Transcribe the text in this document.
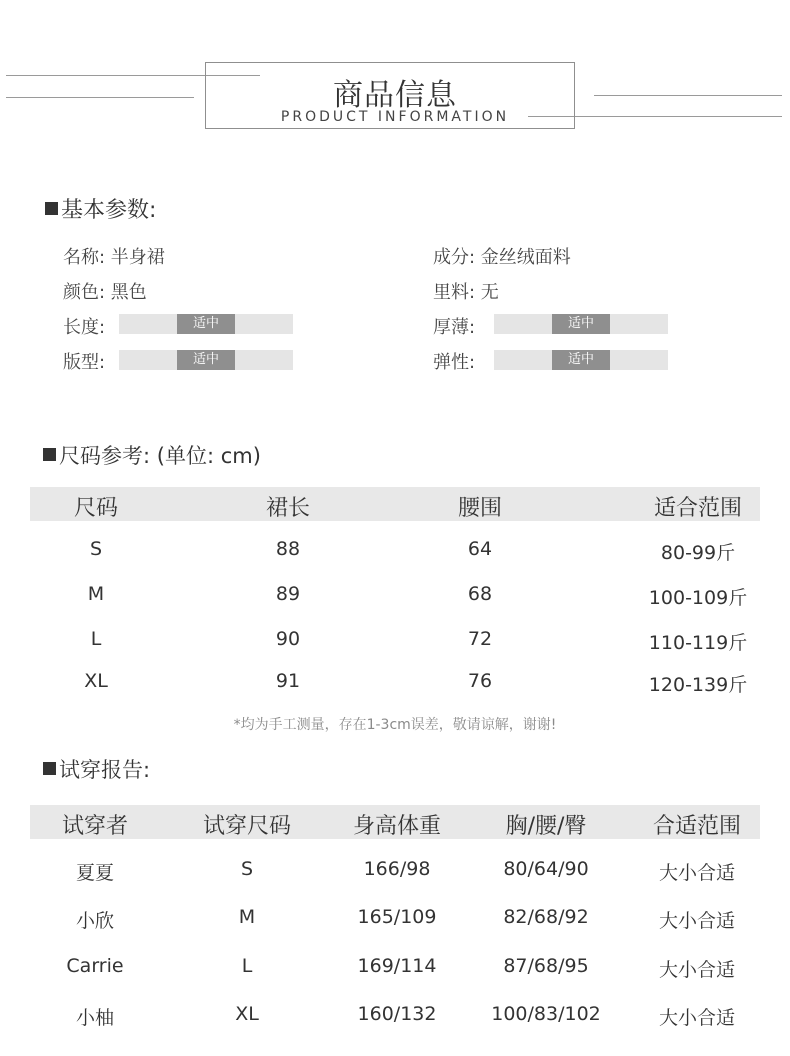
商品信息
PRODUCT INFORMATION
基本参数:
名称: 半身裙
颜色: 黑色
成分: 金丝绒面料
里料: 无
长度:	适中
版型:	适中
厚薄:	适中
弹性:	适中
尺码参考: (单位: cm)
尺码	裙长	腰围	适合范围
S	88	64	80-99斤
M	89	68	100-109斤
L	90	72	110-119斤
XL	91	76	120-139斤
*均为手工测量，存在1-3cm误差，敬请谅解，谢谢!
试穿报告:
试穿者	试穿尺码	身高体重	胸/腰/臀	合适范围
夏夏	S	166/98	80/64/90	大小合适
小欣	M	165/109	82/68/92	大小合适
Carrie	L	169/114	87/68/95	大小合适
小柚	XL	160/132	100/83/102	大小合适
